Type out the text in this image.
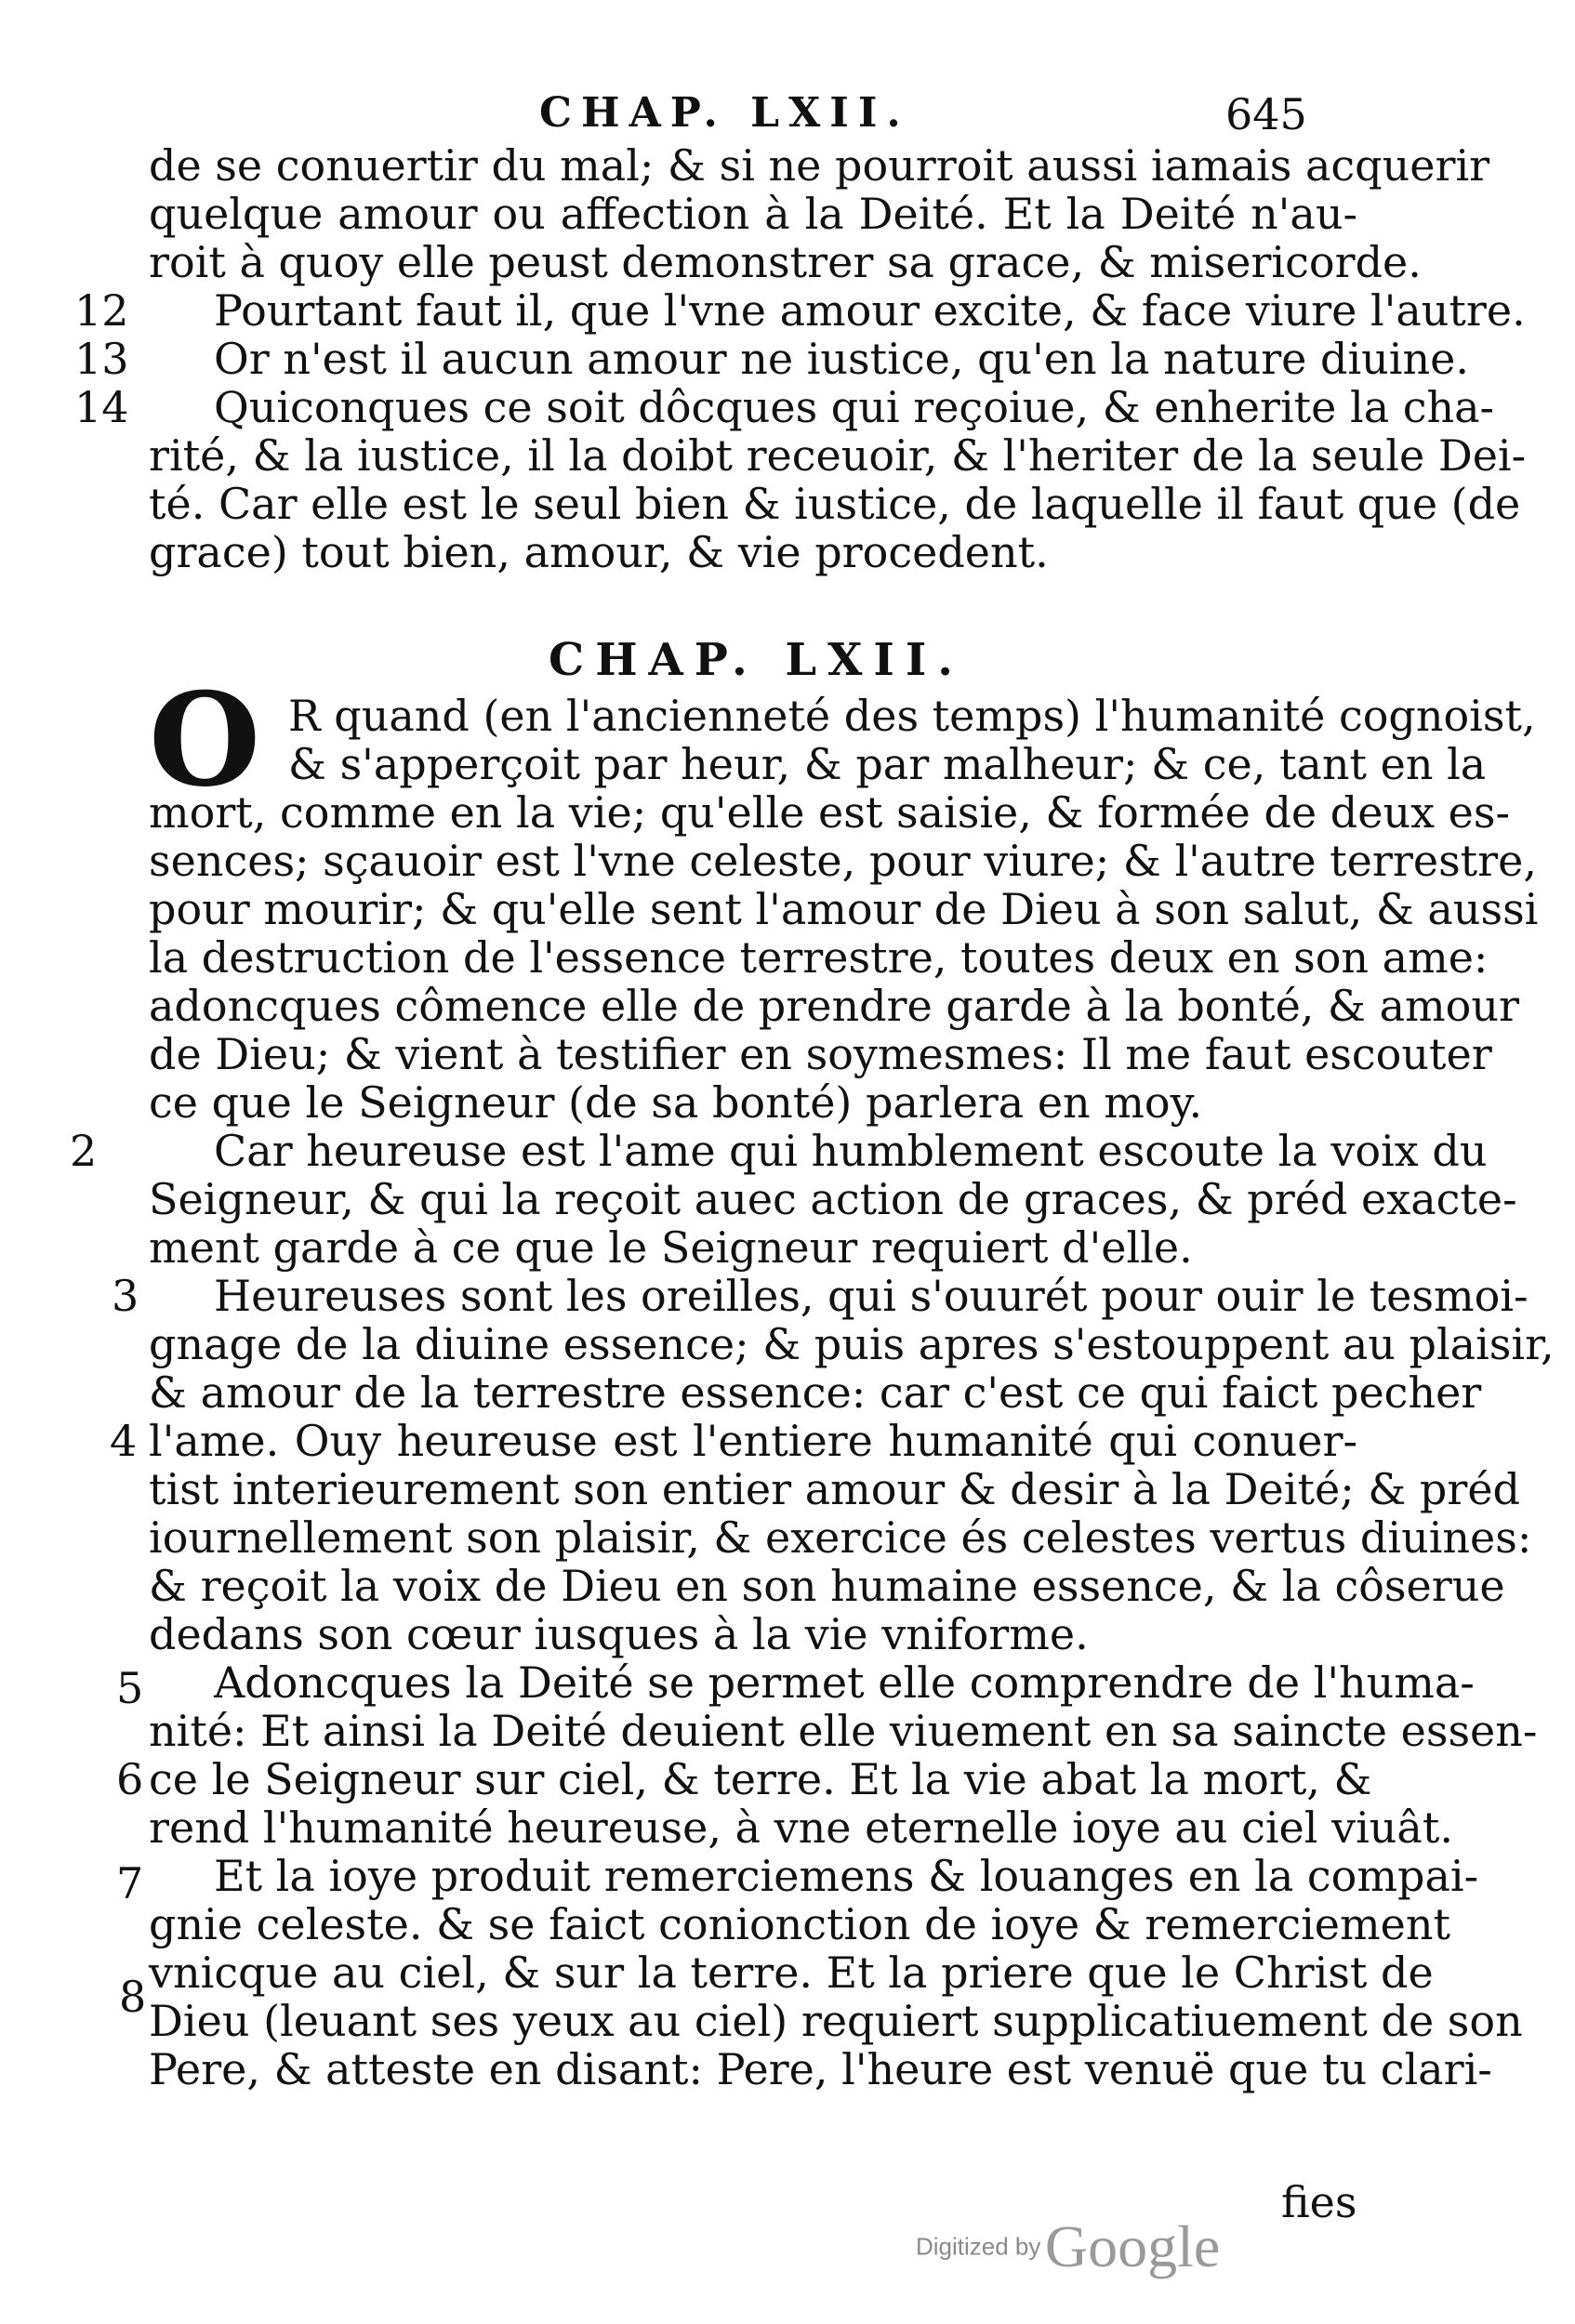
CHAP. LXII.	645
de se conuertir du mal; & si ne pourroit aussi iamais acquerir
quelque amour ou affection à la Deité. Et la Deité n'au-
roit à quoy elle peust demonstrer sa grace, & misericorde.
12 Pourtant faut il, que l'vne amour excite, & face viure l'autre.
13 Or n'est il aucun amour ne iustice, qu'en la nature diuine.
14 Quiconques ce soit dôcques qui reçoiue, & enherite la cha-
rité, & la iustice, il la doibt receuoir, & l'heriter de la seule Dei-
té. Car elle est le seul bien & iustice, de laquelle il faut que (de
grace) tout bien, amour, & vie procedent.
CHAP. LXII.
O R quand (en l'ancienneté des temps) l'humanité cognoist,
& s'apperçoit par heur, & par malheur; & ce, tant en la
mort, comme en la vie; qu'elle est saisie, & formée de deux es-
sences; sçauoir est l'vne celeste, pour viure; & l'autre terrestre,
pour mourir; & qu'elle sent l'amour de Dieu à son salut, & aussi
la destruction de l'essence terrestre, toutes deux en son ame:
adoncques cômence elle de prendre garde à la bonté, & amour
de Dieu; & vient à testifier en soymesmes: Il me faut escouter
ce que le Seigneur (de sa bonté) parlera en moy.
2	Car heureuse est l'ame qui humblement escoute la voix du
Seigneur, & qui la reçoit auec action de graces, & préd exacte-
ment garde à ce que le Seigneur requiert d'elle.
3 Heureuses sont les oreilles, qui s'ouurét pour ouir le tesmoi-
gnage de la diuine essence; & puis apres s'estouppent au plaisir,
& amour de la terrestre essence: car c'est ce qui faict pecher
4 l'ame. Ouy heureuse est l'entiere humanité qui conuer-
tist interieurement son entier amour & desir à la Deité; & préd
iournellement son plaisir, & exercice és celestes vertus diuines:
& reçoit la voix de Dieu en son humaine essence, & la côserue
dedans son cœur iusques à la vie vniforme.
5 Adoncques la Deité se permet elle comprendre de l'huma-
nité: Et ainsi la Deité deuient elle viuement en sa saincte essen-
6 ce le Seigneur sur ciel, & terre. Et la vie abat la mort, &
rend l'humanité heureuse, à vne eternelle ioye au ciel viuât.
7 Et la ioye produit remerciemens & louanges en la compai-
gnie celeste. & se faict conionction de ioye & remerciement
8 vnicque au ciel, & sur la terre. Et la priere que le Christ de
Dieu (leuant ses yeux au ciel) requiert supplicatiuement de son
Pere, & atteste en disant: Pere, l'heure est venuë que tu clari-
fies
Digitized by Google
